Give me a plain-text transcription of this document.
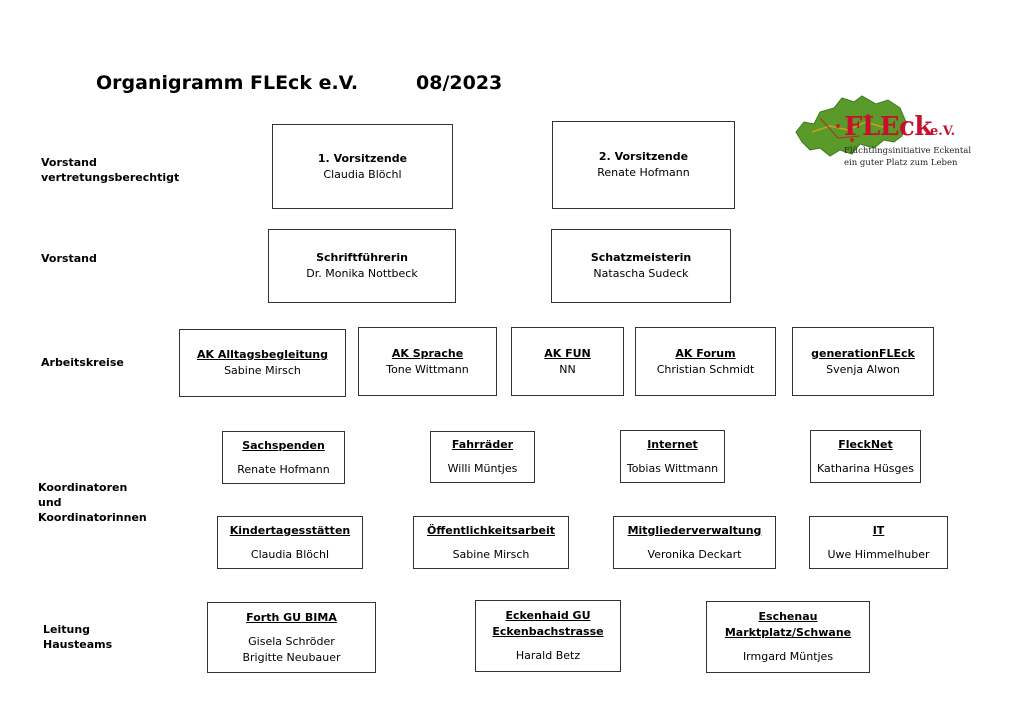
Organigramm FLEck e.V.	08/2023
FLEck
e.V.
Flüchtlingsinitiative Eckental
ein guter Platz zum Leben
Vorstand
vertretungsberechtigt
Vorstand
Arbeitskreise
Koordinatoren
und
Koordinatorinnen
Leitung
Hausteams
1. Vorsitzende
Claudia Blöchl
2. Vorsitzende
Renate Hofmann
Schriftführerin
Dr. Monika Nottbeck
Schatzmeisterin
Natascha Sudeck
AK Alltagsbegleitung
Sabine Mirsch
AK Sprache
Tone Wittmann
AK FUN
NN
AK Forum
Christian Schmidt
generationFLEck
Svenja Alwon
Sachspenden
Renate Hofmann
Fahrräder
Willi Müntjes
Internet
Tobias Wittmann
FleckNet
Katharina Hüsges
Kindertagesstätten
Claudia Blöchl
Öffentlichkeitsarbeit
Sabine Mirsch
Mitgliederverwaltung
Veronika Deckart
IT
Uwe Himmelhuber
Forth GU BIMA
Gisela Schröder
Brigitte Neubauer
Eckenhaid GU
Eckenbachstrasse
Harald Betz
Eschenau
Marktplatz/Schwane
Irmgard Müntjes
